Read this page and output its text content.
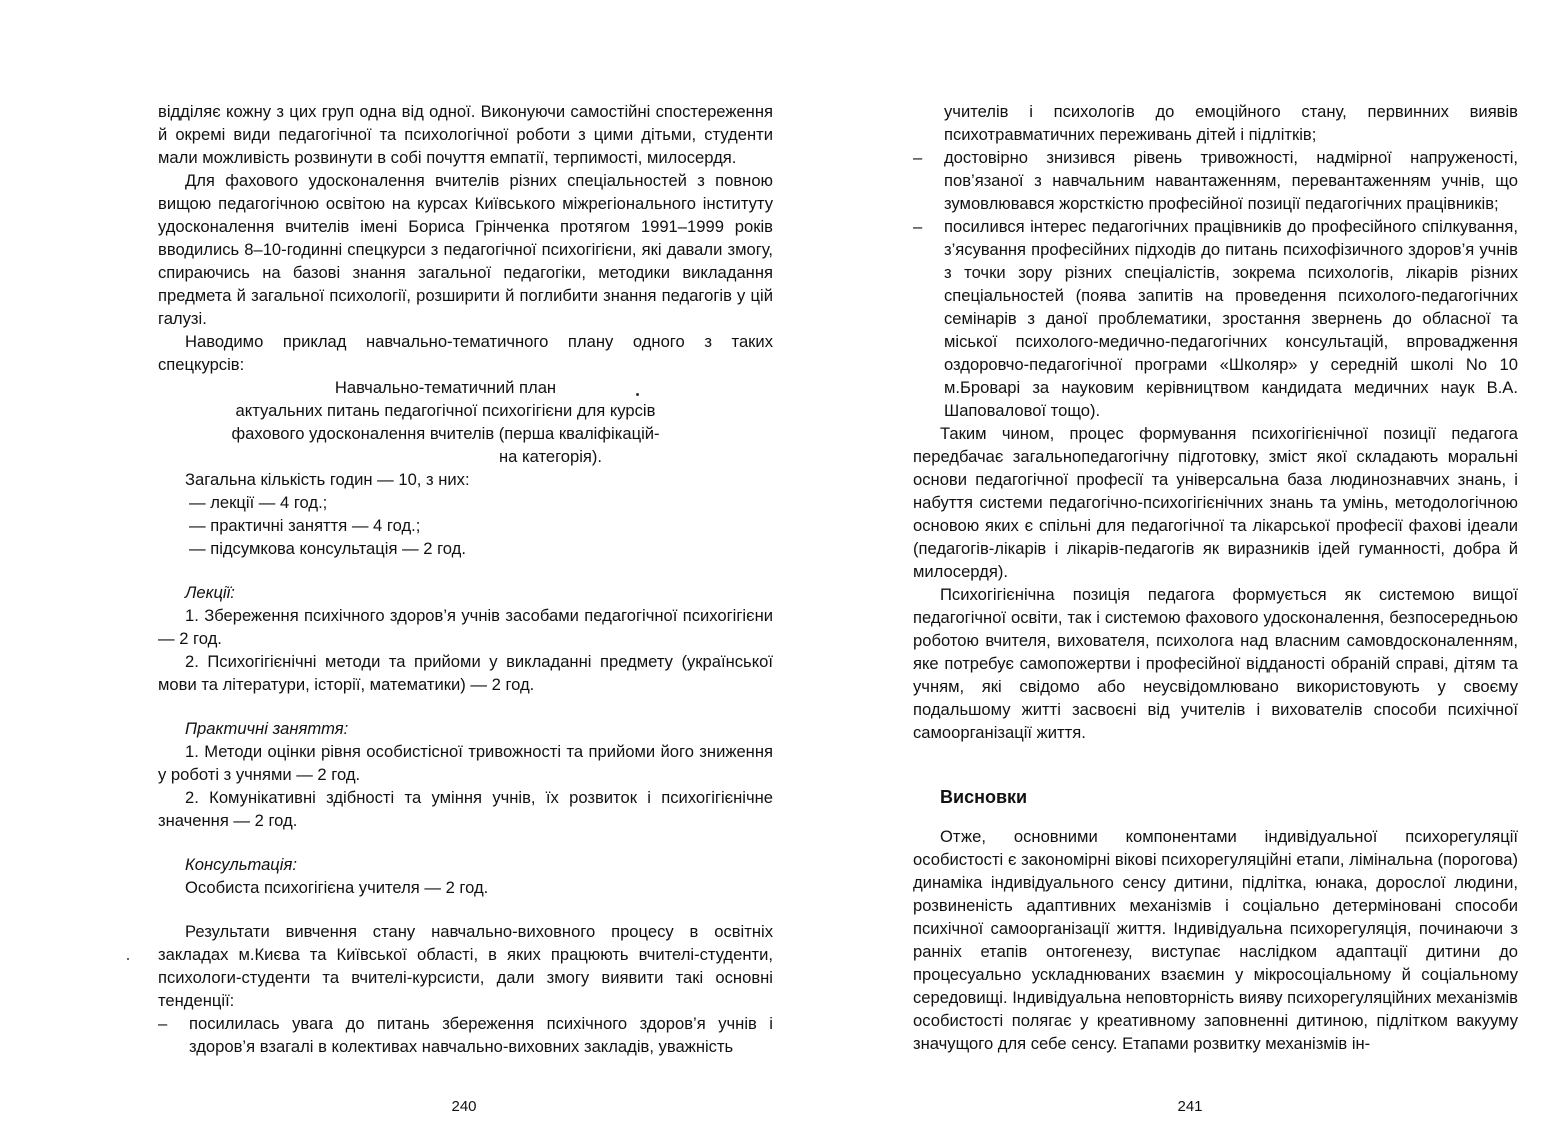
відділяє кожну з цих груп одна від одної. Виконуючи самостійні спостереження й окремі види педагогічної та психологічної роботи з цими дітьми, студенти мали можливість розвинути в собі почуття емпатії, терпимості, милосердя.

Для фахового удосконалення вчителів різних спеціальностей з повною вищою педагогічною освітою на курсах Київського міжрегіонального інституту удосконалення вчителів імені Бориса Грінченка протягом 1991–1999 років вводились 8–10-годинні спецкурси з педагогічної психогігієни, які давали змогу, спираючись на базові знання загальної педагогіки, методики викладання предмета й загальної психології, розширити й поглибити знання педагогів у цій галузі.

Наводимо приклад навчально-тематичного плану одного з таких спецкурсів:

Навчально-тематичний план

актуальних питань педагогічної психогігієни для курсів

фахового удосконалення вчителів (перша кваліфікацій-

на категорія).

Загальна кількість годин — 10, з них:

— лекції — 4 год.;

— практичні заняття — 4 год.;

— підсумкова консультація — 2 год.

Лекції:

1. Збереження психічного здоров’я учнів засобами педагогічної психогігієни — 2 год.

2. Психогігієнічні методи та прийоми у викладанні предмету (української мови та літератури, історії, математики) — 2 год.

Практичні заняття:

1. Методи оцінки рівня особистісної тривожності та прийоми його зниження у роботі з учнями — 2 год.

2. Комунікативні здібності та уміння учнів, їх розвиток і психогігієнічне значення — 2 год.

Консультація:

Особиста психогігієна учителя — 2 год.

Результати вивчення стану навчально-виховного процесу в освітніх закладах м.Києва та Київської області, в яких працюють вчителі-студенти, психологи-студенти та вчителі-курсисти, дали змогу виявити такі основні тенденції:

– посилилась увага до питань збереження психічного здоров’я учнів і здоров’я взагалі в колективах навчально-виховних закладів, уважність
240

учителів і психологів до емоційного стану, первинних виявів психотравматичних переживань дітей і підлітків;

– достовірно знизився рівень тривожності, надмірної напруженості, пов’язаної з навчальним навантаженням, перевантаженням учнів, що зумовлювався жорсткістю професійної позиції педагогічних працівників;
– посилився інтерес педагогічних працівників до професійного спілкування, з’ясування професійних підходів до питань психофізичного здоров’я учнів з точки зору різних спеціалістів, зокрема психологів, лікарів різних спеціальностей (поява запитів на проведення психолого-педагогічних семінарів з даної проблематики, зростання звернень до обласної та міської психолого-медично-педагогічних консультацій, впровадження оздоровчо-педагогічної програми «Школяр» у середній школі No 10 м.Броварі за науковим керівництвом кандидата медичних наук В.А. Шаповалової тощо).

Таким чином, процес формування психогігієнічної позиції педагога передбачає загальнопедагогічну підготовку, зміст якої складають моральні основи педагогічної професії та універсальна база людинознавчих знань, і набуття системи педагогічно-психогігієнічних знань та умінь, методологічною основою яких є спільні для педагогічної та лікарської професії фахові ідеали (педагогів-лікарів і лікарів-педагогів як виразників ідей гуманності, добра й милосердя).

Психогігієнічна позиція педагога формується як системою вищої педагогічної освіти, так і системою фахового удосконалення, безпосередньою роботою вчителя, вихователя, психолога над власним самовдосконаленням, яке потребує самопожертви і професійної відданості обраній справі, дітям та учням, які свідомо або неусвідомлювано використовують у своєму подальшому житті засвоєні від учителів і вихователів способи психічної самоорганізації життя.

Висновки

Отже, основними компонентами індивідуальної психорегуляції особистості є закономірні вікові психорегуляційні етапи, лімінальна (порогова) динаміка індивідуального сенсу дитини, підлітка, юнака, дорослої людини, розвиненість адаптивних механізмів і соціально детерміновані способи психічної самоорганізації життя. Індивідуальна психорегуляція, починаючи з ранніх етапів онтогенезу, виступає наслідком адаптації дитини до процесуально ускладнюваних взаємин у мікросоціальному й соціальному середовищі. Індивідуальна неповторність вияву психорегуляційних механізмів особистості полягає у креативному заповненні дитиною, підлітком вакууму значущого для себе сенсу. Етапами розвитку механізмів ін-

241
